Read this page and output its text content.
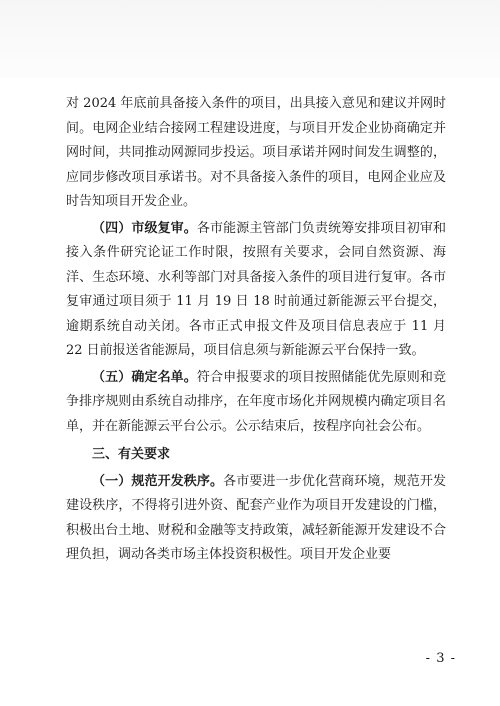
对 2024 年底前具备接入条件的项目，出具接入意见和建议并网时间。电网企业结合接网工程建设进度，与项目开发企业协商确定并网时间，共同推动网源同步投运。项目承诺并网时间发生调整的，应同步修改项目承诺书。对不具备接入条件的项目，电网企业应及时告知项目开发企业。

（四）市级复审。各市能源主管部门负责统筹安排项目初审和接入条件研究论证工作时限，按照有关要求，会同自然资源、海洋、生态环境、水利等部门对具备接入条件的项目进行复审。各市复审通过项目须于 11 月 19 日 18 时前通过新能源云平台提交，逾期系统自动关闭。各市正式申报文件及项目信息表应于 11 月 22 日前报送省能源局，项目信息须与新能源云平台保持一致。

（五）确定名单。符合申报要求的项目按照储能优先原则和竞争排序规则由系统自动排序，在年度市场化并网规模内确定项目名单，并在新能源云平台公示。公示结束后，按程序向社会公布。

三、有关要求

（一）规范开发秩序。各市要进一步优化营商环境，规范开发建设秩序，不得将引进外资、配套产业作为项目开发建设的门槛，积极出台土地、财税和金融等支持政策，减轻新能源开发建设不合理负担，调动各类市场主体投资积极性。项目开发企业要

- 3 -
